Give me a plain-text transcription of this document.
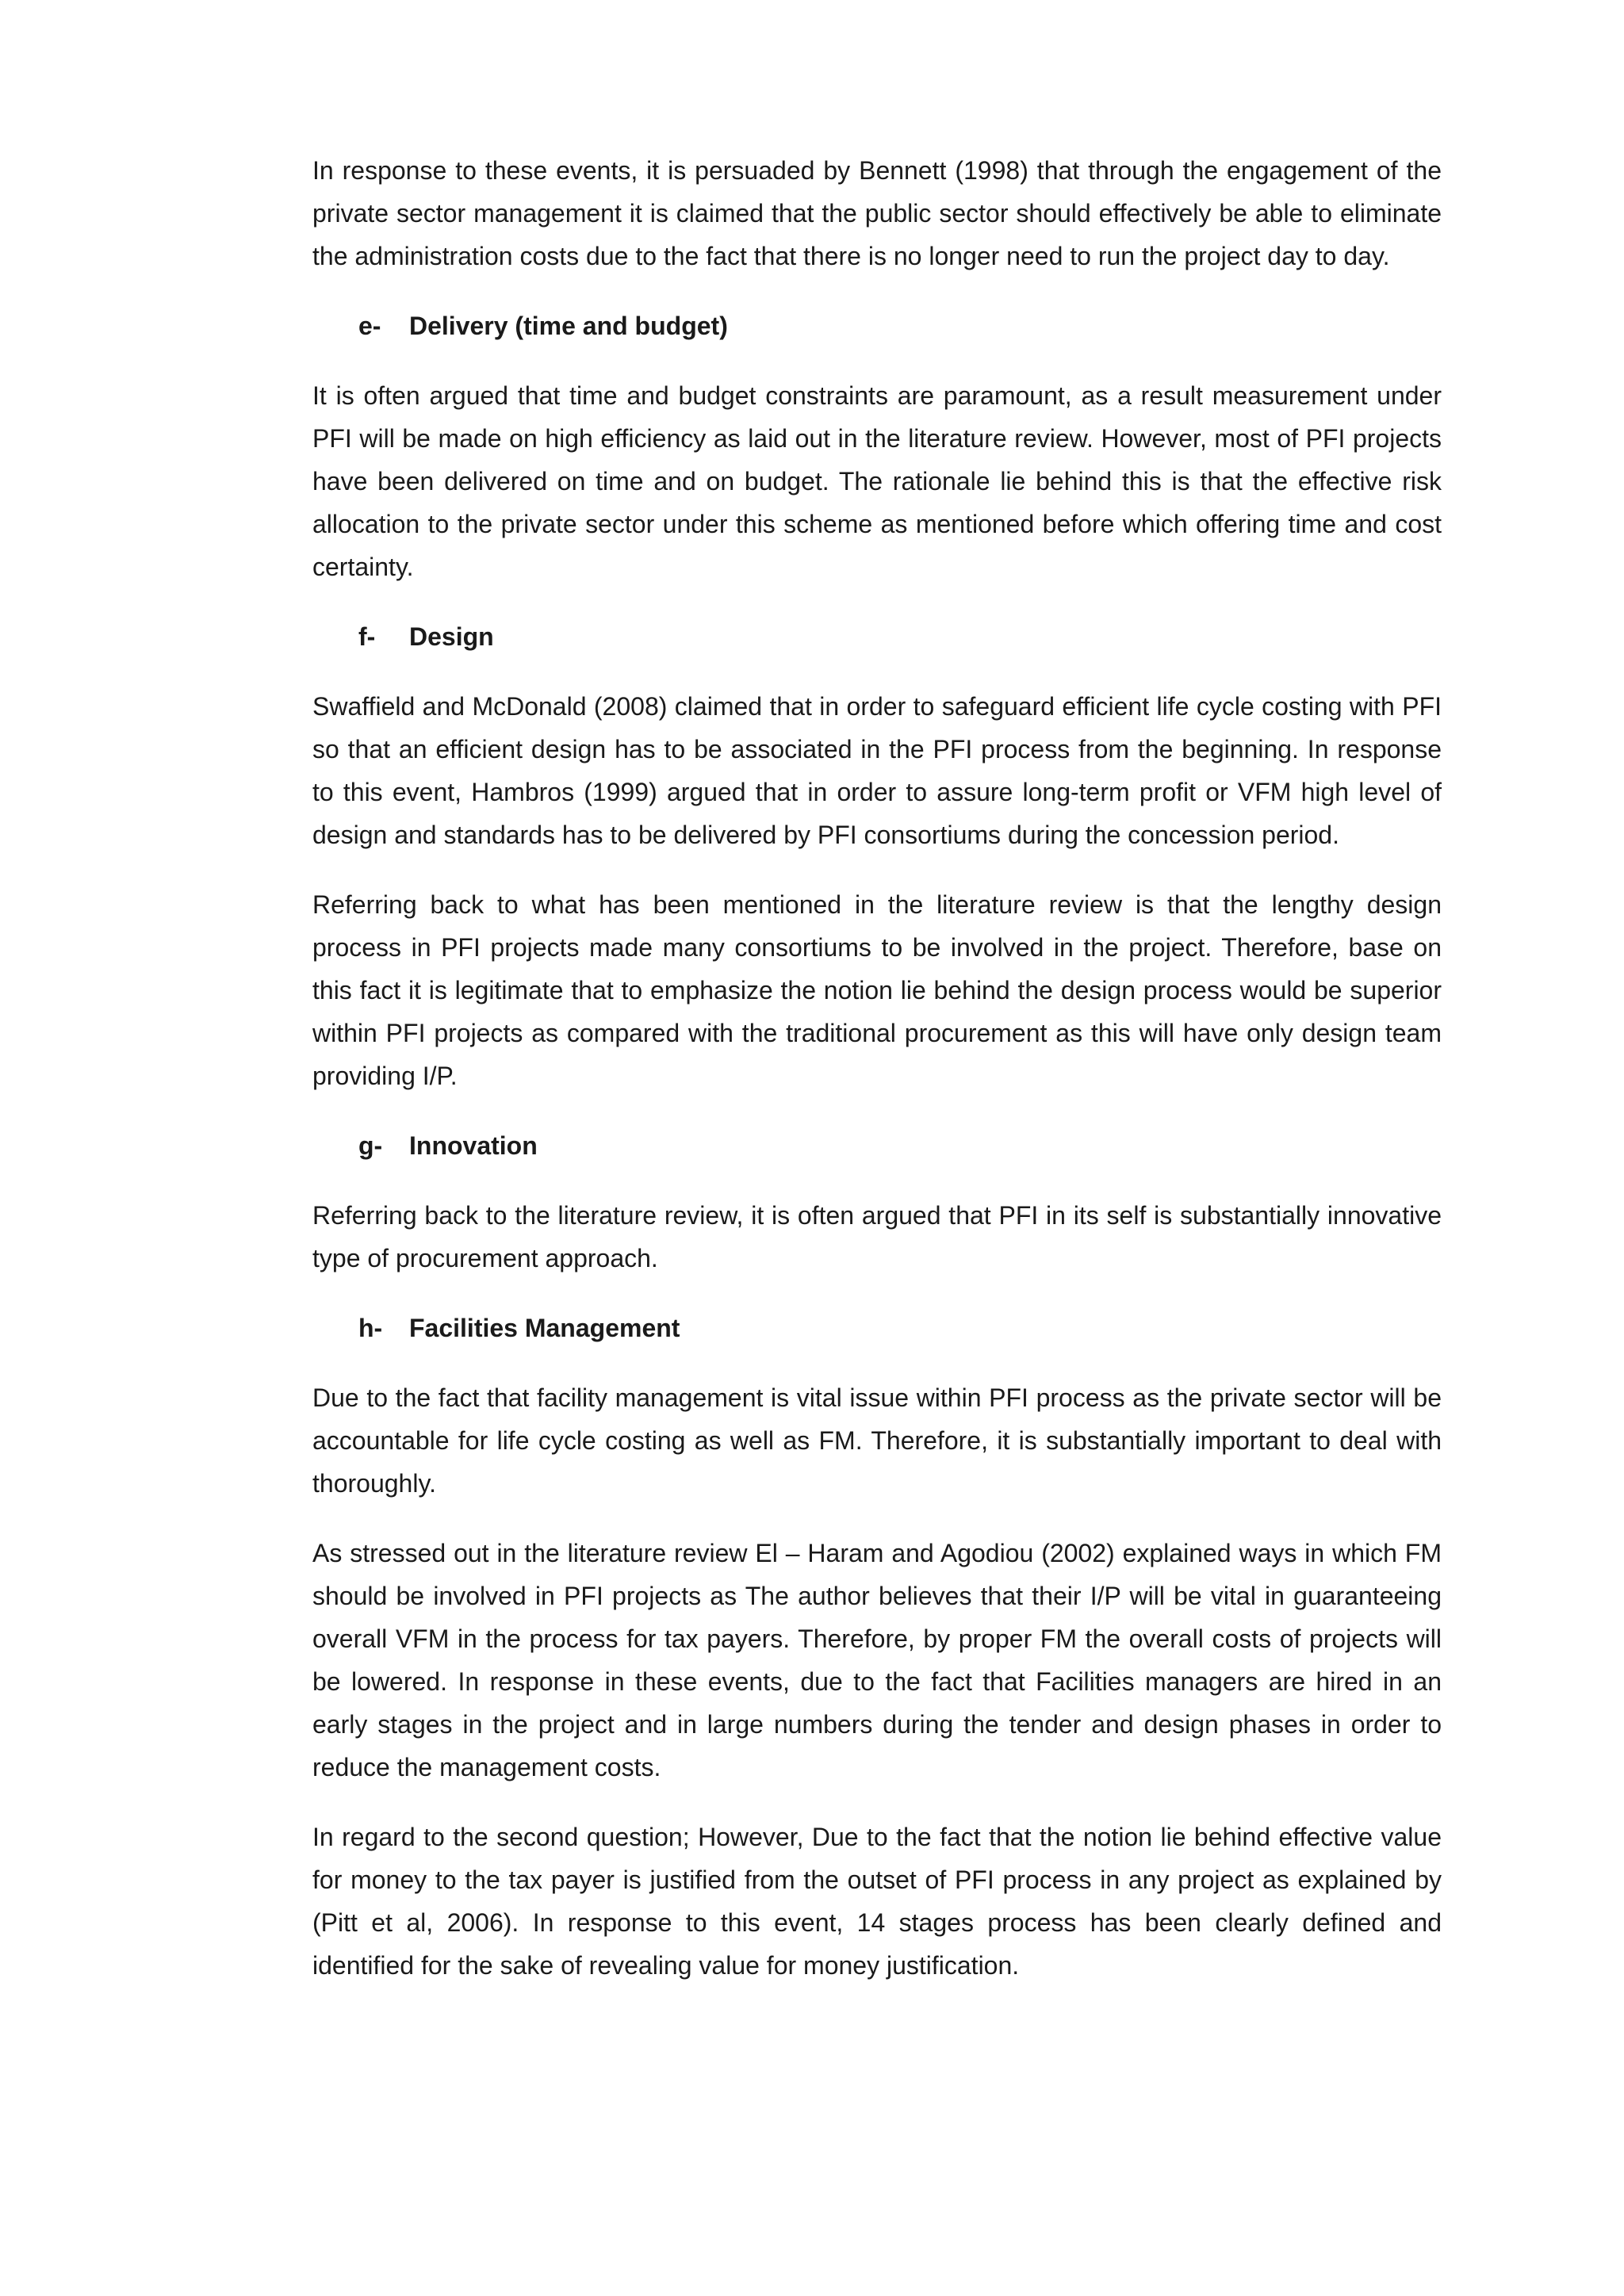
In response to these events, it is persuaded by Bennett (1998) that through the engagement of the private sector management it is claimed that the public sector should effectively be able to eliminate the administration costs due to the fact that there is no longer need to run the project day to day.

e-	Delivery (time and budget)

It is often argued that time and budget constraints are paramount, as a result measurement under PFI will be made on high efficiency as laid out in the literature review. However, most of PFI projects have been delivered on time and on budget. The rationale lie behind this is that the effective risk allocation to the private sector under this scheme as mentioned before which offering time and cost certainty.

f-	Design

Swaffield and McDonald (2008) claimed that in order to safeguard efficient life cycle costing with PFI so that an efficient design has to be associated in the PFI process from the beginning. In response to this event, Hambros (1999) argued that in order to assure long-term profit or VFM high level of design and standards has to be delivered by PFI consortiums during the concession period.

Referring back to what has been mentioned in the literature review is that the lengthy design process in PFI projects made many consortiums to be involved in the project. Therefore, base on this fact it is legitimate that to emphasize the notion lie behind the design process would be superior within PFI projects as compared with the traditional procurement as this will have only design team providing I/P.

g-	Innovation

Referring back to the literature review, it is often argued that PFI in its self is substantially innovative type of procurement approach.

h-	Facilities Management

Due to the fact that facility management is vital issue within PFI process as the private sector will be accountable for life cycle costing as well as FM. Therefore, it is substantially important to deal with thoroughly.

As stressed out in the literature review El – Haram and Agodiou (2002) explained ways in which FM should be involved in PFI projects as The author believes that their I/P will be vital in guaranteeing overall VFM in the process for tax payers. Therefore, by proper FM the overall costs of projects will be lowered. In response in these events, due to the fact that Facilities managers are hired in an early stages in the project and in large numbers during the tender and design phases in order to reduce the management costs.

In regard to the second question; However, Due to the fact that the notion lie behind effective value for money to the tax payer is justified from the outset of PFI process in any project as explained by (Pitt et al, 2006). In response to this event, 14 stages process has been clearly defined and identified for the sake of revealing value for money justification.
